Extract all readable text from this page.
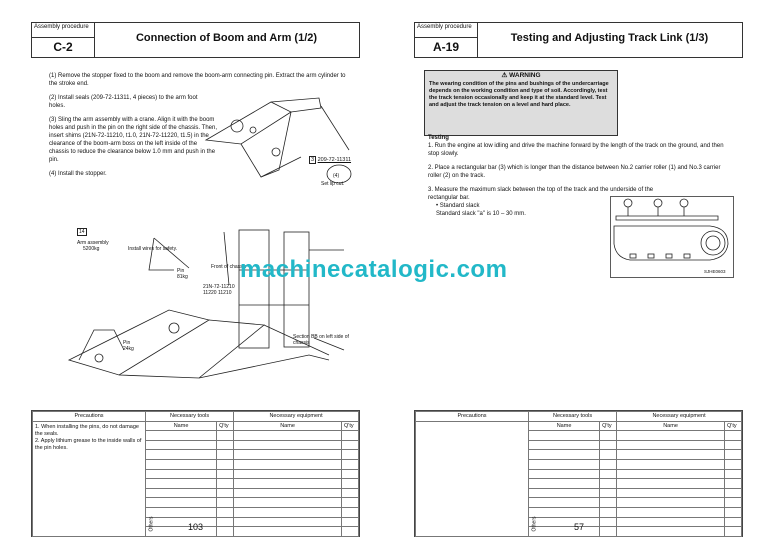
Assembly procedure
C-2
Connection of Boom and Arm (1/2)
(1) Remove the stopper fixed to the boom and remove the boom-arm connecting pin. Extract the arm cylinder to the stroke end.
(2) Install seals (209-72-11311, 4 pieces) to the arm foot holes.
(3) Sling the arm assembly with a crane. Align it with the boom holes and push in the pin on the right side of the chassis. Then, insert shims (21N-72-11210, t1.0, 21N-72-11220, t1.5) in the clearance of the boom-arm boss on the left inside of the chassis to reduce the clearance below 1.0 mm and push in the pin.
(4) Install the stopper.
3 209-72-11311
(4)
Set lip cut.
14
Arm assembly
5200kg	Install wires for safety.
Pin
81kg
Front of chassis
21N-72-11210
11220 11210
Pin
24kg
Section BB on left side of chassis
Precautions	Necessary tools		Necessary equipment	

1. When installing the pins, do not damage the seals.
2. Apply lithium grease to the inside walls of the pin holes.	Name	Q'ty	Name	Q'ty

Others	103
Assembly procedure
A-19
Testing and Adjusting Track Link (1/3)
⚠ WARNING
The wearing condition of the pins and bushings of the undercarriage depends on the working condition and type of soil. Accordingly, test the track tension occasionally and keep it at the standard level. Test and adjust the track tension on a level and hard place.
Testing
1. Run the engine at low idling and drive the machine forward by the length of the track on the ground, and then stop slowly.
2. Place a rectangular bar (3) which is longer than the distance between No.2 carrier roller (1) and No.3 carrier roller (2) on the track.
3. Measure the maximum slack between the top of the track and the underside of the rectangular bar.
• Standard slack
Standard slack "a" is 10 – 30 mm.
SJHE0603
Precautions	Necessary tools		Necessary equipment	
	Name	Q'ty	Name	Q'ty

Others	57
machinecatalogic.com
